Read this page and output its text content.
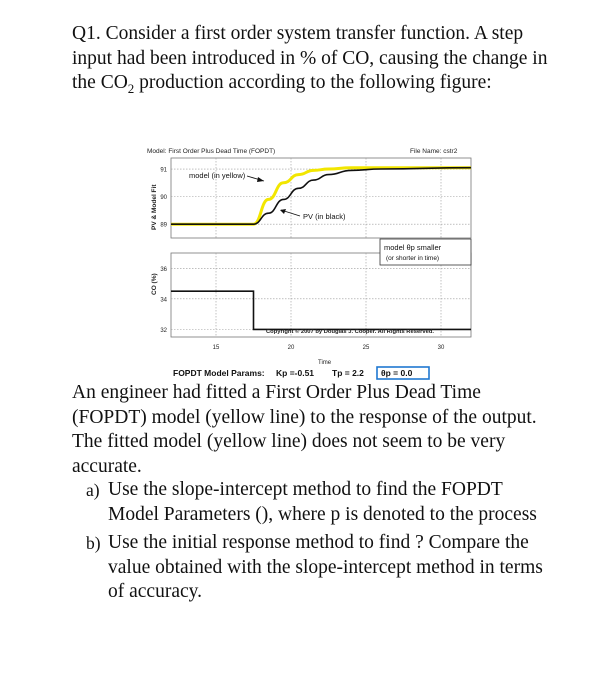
Q1. Consider a first order system transfer function. A step input had been introduced in % of CO, causing the change in the $CO_2$ production according to the following figure:
Model: First Order Plus Dead Time (FOPDT)	File Name: cstr2
PV & Model Fit
CO (%)
91
90
89
36
34
32
15	20	25	30
model (in yellow)
PV (in black)
model θp smaller
(or shorter in time)
Copyright © 2007 by Douglas J. Cooper. All Rights Reserved.
Time
FOPDT Model Params: Kp =-0.51 Tp = 2.2 θp = 0.0
An engineer had fitted a First Order Plus Dead Time (FOPDT) model (yellow line) to the response of the output. The fitted model (yellow line) does not seem to be very accurate.
a) Use the slope-intercept method to find the FOPDT Model Parameters (), where p is denoted to the process
b) Use the initial response method to find ? Compare the value obtained with the slope-intercept method in terms of accuracy.
